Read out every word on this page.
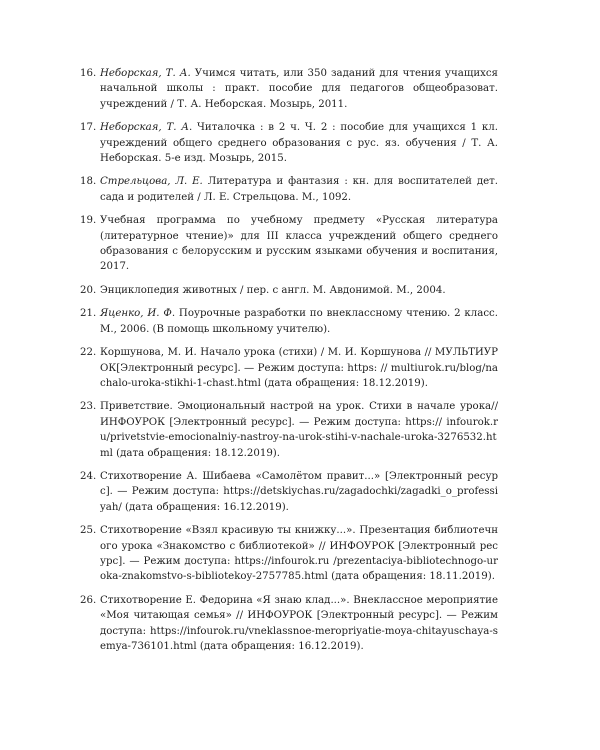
16. Неборская, Т. А. Учимся читать, или 350 заданий для чтения учащихся начальной школы : практ. пособие для педагогов общеобразоват. учреждений / Т. А. Неборская. Мозырь, 2011.
17. Неборская, Т. А. Читалочка : в 2 ч. Ч. 2 : пособие для учащихся 1 кл. учреждений общего среднего образования с рус. яз. обучения / Т. А. Неборская. 5-е изд. Мозырь, 2015.
18. Стрельцова, Л. Е. Литература и фантазия : кн. для воспитателей дет. сада и родителей / Л. Е. Стрельцова. М., 1092.
19. Учебная программа по учебному предмету «Русская литература (литературное чтение)» для III класса учреждений общего среднего образования с белорусским и русским языками обучения и воспитания, 2017.
20. Энциклопедия животных / пер. с англ. М. Авдонимой. М., 2004.
21. Яценко, И. Ф. Поурочные разработки по внеклассному чтению. 2 класс. М., 2006. (В помощь школьному учителю).
22. Коршунова, М. И. Начало урока (стихи) / М. И. Коршунова // МУЛЬТИУРОК[Электронный ресурс]. — Режим доступа: https: // multiurok.ru/blog/nachalo-uroka-stikhi-1-chast.html (дата обращения: 18.12.2019).
23. Приветствие. Эмоциональный настрой на урок. Стихи в начале урока// ИНФОУРОК [Электронный ресурс]. — Режим доступа: https:// infourok.ru/privetstvie-emocionalniy-nastroy-na-urok-stihi-v-nachale-uroka-3276532.html (дата обращения: 18.12.2019).
24. Стихотворение А. Шибаева «Самолётом правит...» [Электронный ресурс]. — Режим доступа: https://detskiychas.ru/zagadochki/zagadki_o_professiyah/ (дата обращения: 16.12.2019).
25. Стихотворение «Взял красивую ты книжку...». Презентация библиотечного урока «Знакомство с библиотекой» // ИНФОУРОК [Электронный ресурс]. — Режим доступа: https://infourok.ru /prezentaciya-bibliotechnogo-uroka-znakomstvo-s-bibliotekoy-2757785.html (дата обращения: 18.11.2019).
26. Стихотворение Е. Федорина «Я знаю клад...». Внеклассное мероприятие «Моя читающая семья» // ИНФОУРОК [Электронный ресурс]. — Режим доступа: https://infourok.ru/vneklassnoe-meropriyatie-moya-chitayuschaya-semya-736101.html (дата обращения: 16.12.2019).
